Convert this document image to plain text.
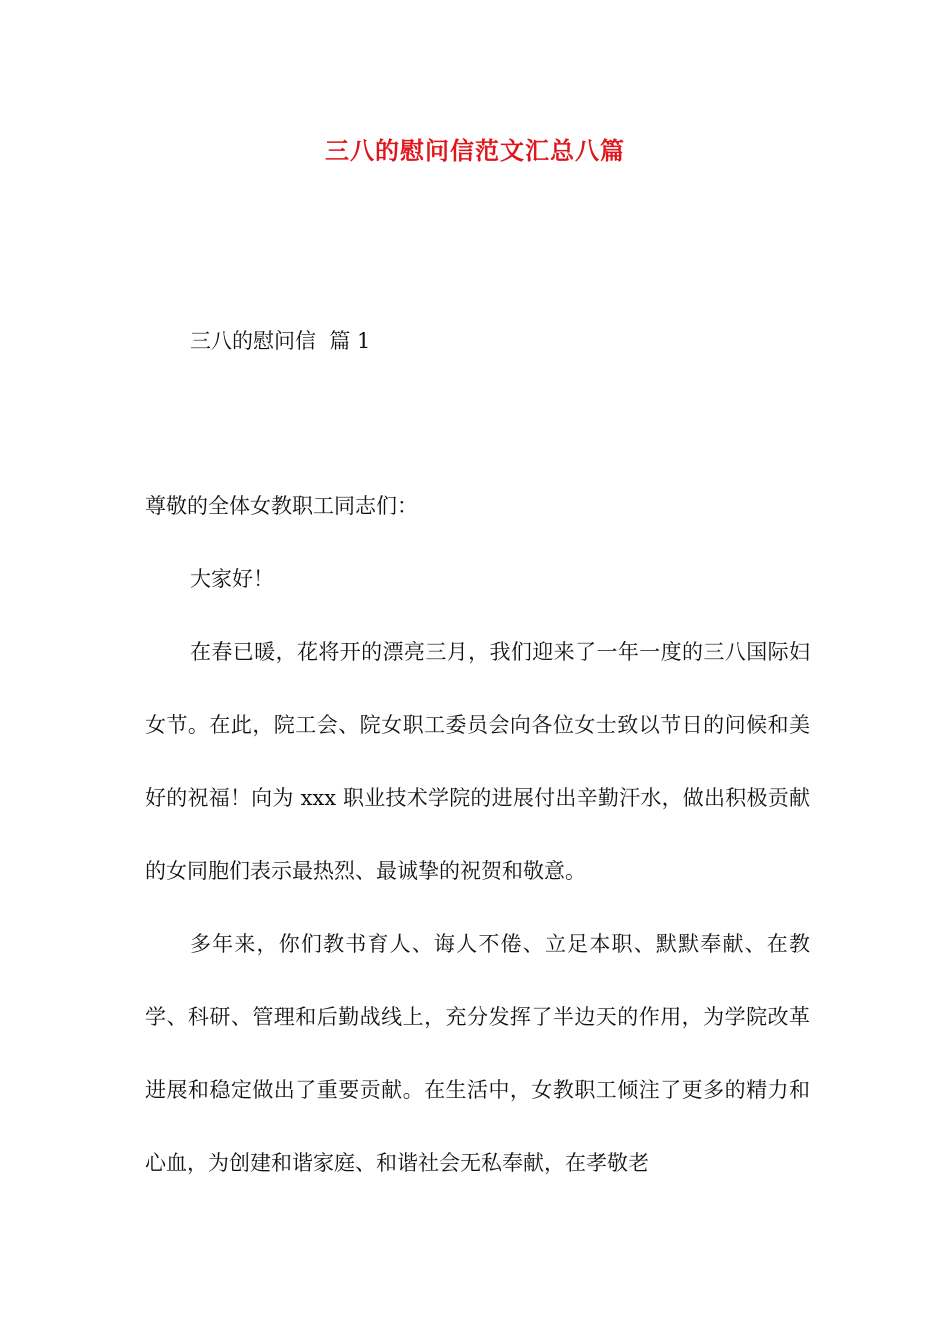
三八的慰问信范文汇总八篇
三八的慰问信  篇 1
尊敬的全体女教职工同志们：
大家好！
在春已暖，花将开的漂亮三月，我们迎来了一年一度的三八国际妇女节。在此，院工会、院女职工委员会向各位女士致以节日的问候和美好的祝福！向为 xxx 职业技术学院的进展付出辛勤汗水，做出积极贡献的女同胞们表示最热烈、最诚挚的祝贺和敬意。
多年来，你们教书育人、诲人不倦、立足本职、默默奉献、在教学、科研、管理和后勤战线上，充分发挥了半边天的作用，为学院改革进展和稳定做出了重要贡献。在生活中，女教职工倾注了更多的精力和心血，为创建和谐家庭、和谐社会无私奉献，在孝敬老
